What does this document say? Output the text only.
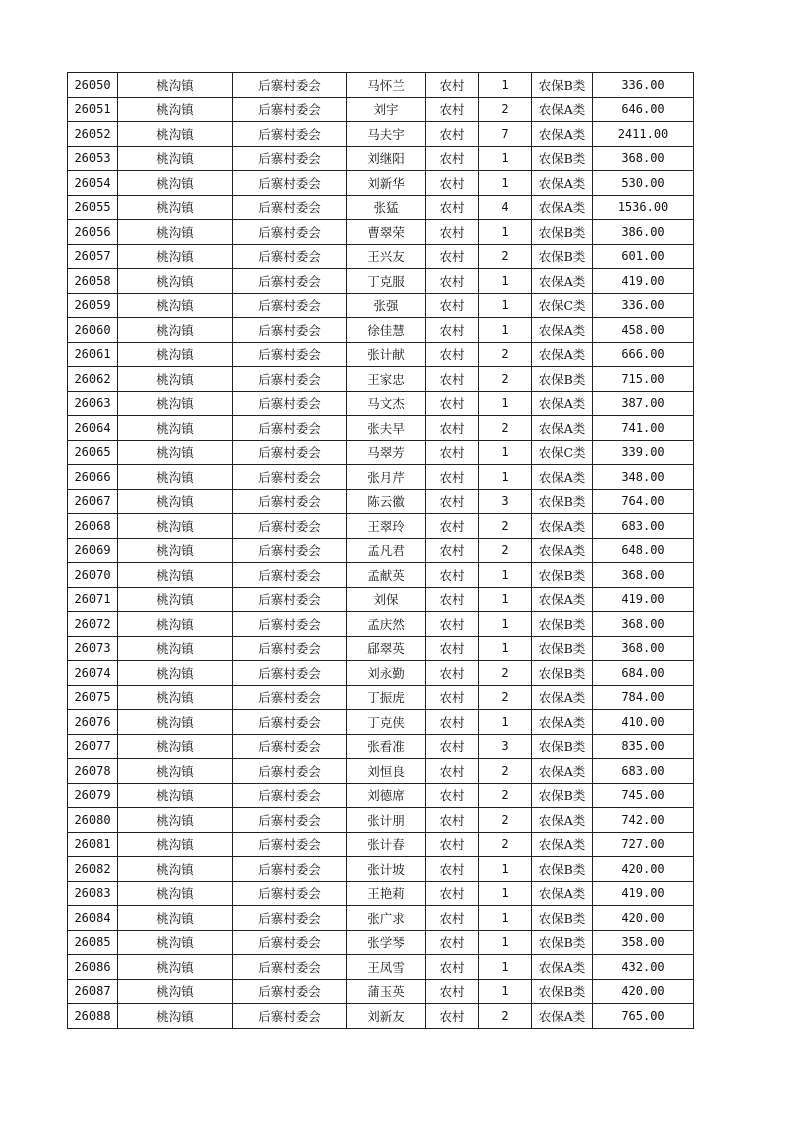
26050	桃沟镇	后寨村委会	马怀兰	农村	1	农保B类	336.00
26051	桃沟镇	后寨村委会	刘宇	农村	2	农保A类	646.00
26052	桃沟镇	后寨村委会	马夫宇	农村	7	农保A类	2411.00
26053	桃沟镇	后寨村委会	刘继阳	农村	1	农保B类	368.00
26054	桃沟镇	后寨村委会	刘新华	农村	1	农保A类	530.00
26055	桃沟镇	后寨村委会	张猛	农村	4	农保A类	1536.00
26056	桃沟镇	后寨村委会	曹翠荣	农村	1	农保B类	386.00
26057	桃沟镇	后寨村委会	王兴友	农村	2	农保B类	601.00
26058	桃沟镇	后寨村委会	丁克服	农村	1	农保A类	419.00
26059	桃沟镇	后寨村委会	张强	农村	1	农保C类	336.00
26060	桃沟镇	后寨村委会	徐佳慧	农村	1	农保A类	458.00
26061	桃沟镇	后寨村委会	张计献	农村	2	农保A类	666.00
26062	桃沟镇	后寨村委会	王家忠	农村	2	农保B类	715.00
26063	桃沟镇	后寨村委会	马文杰	农村	1	农保A类	387.00
26064	桃沟镇	后寨村委会	张夫早	农村	2	农保A类	741.00
26065	桃沟镇	后寨村委会	马翠芳	农村	1	农保C类	339.00
26066	桃沟镇	后寨村委会	张月芹	农村	1	农保A类	348.00
26067	桃沟镇	后寨村委会	陈云徽	农村	3	农保B类	764.00
26068	桃沟镇	后寨村委会	王翠玲	农村	2	农保A类	683.00
26069	桃沟镇	后寨村委会	孟凡君	农村	2	农保A类	648.00
26070	桃沟镇	后寨村委会	孟献英	农村	1	农保B类	368.00
26071	桃沟镇	后寨村委会	刘保	农村	1	农保A类	419.00
26072	桃沟镇	后寨村委会	孟庆然	农村	1	农保B类	368.00
26073	桃沟镇	后寨村委会	郈翠英	农村	1	农保B类	368.00
26074	桃沟镇	后寨村委会	刘永勤	农村	2	农保B类	684.00
26075	桃沟镇	后寨村委会	丁振虎	农村	2	农保A类	784.00
26076	桃沟镇	后寨村委会	丁克侠	农村	1	农保A类	410.00
26077	桃沟镇	后寨村委会	张看准	农村	3	农保B类	835.00
26078	桃沟镇	后寨村委会	刘恒良	农村	2	农保A类	683.00
26079	桃沟镇	后寨村委会	刘德席	农村	2	农保B类	745.00
26080	桃沟镇	后寨村委会	张计朋	农村	2	农保A类	742.00
26081	桃沟镇	后寨村委会	张计春	农村	2	农保A类	727.00
26082	桃沟镇	后寨村委会	张计坡	农村	1	农保B类	420.00
26083	桃沟镇	后寨村委会	王艳莉	农村	1	农保A类	419.00
26084	桃沟镇	后寨村委会	张广求	农村	1	农保B类	420.00
26085	桃沟镇	后寨村委会	张学琴	农村	1	农保B类	358.00
26086	桃沟镇	后寨村委会	王凤雪	农村	1	农保A类	432.00
26087	桃沟镇	后寨村委会	蒲玉英	农村	1	农保B类	420.00
26088	桃沟镇	后寨村委会	刘新友	农村	2	农保A类	765.00
